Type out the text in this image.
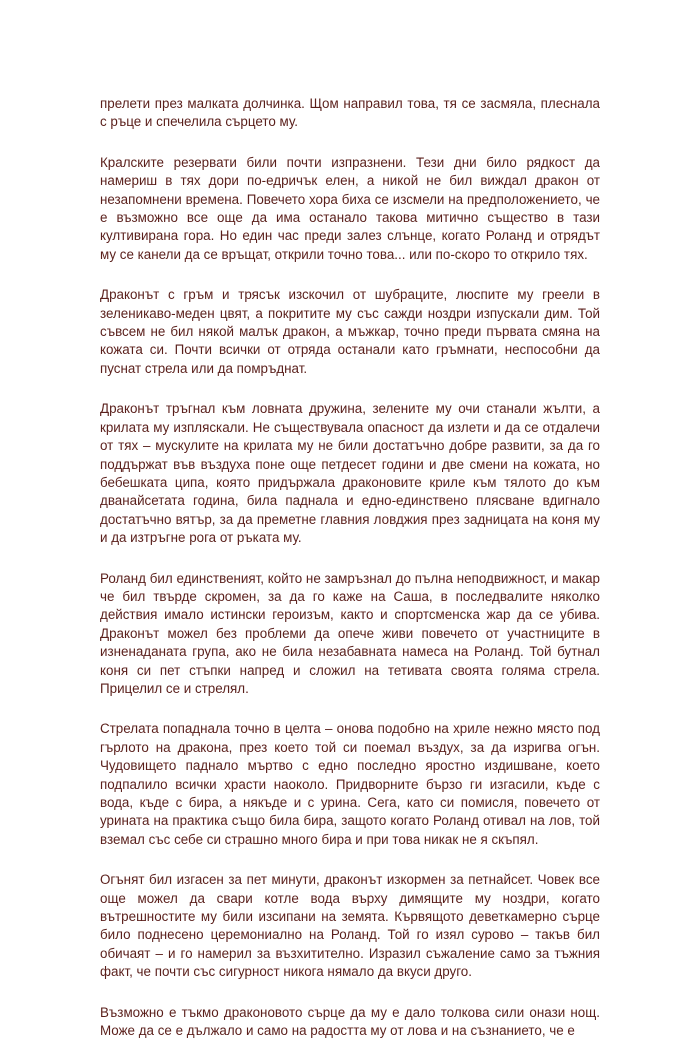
прелети през малката долчинка. Щом направил това, тя се засмяла, плеснала с ръце и спечелила сърцето му.

Кралските резервати били почти изпразнени. Тези дни било рядкост да намериш в тях дори по-едричък елен, а никой не бил виждал дракон от незапомнени времена. Повечето хора биха се изсмели на предположението, че е възможно все още да има останало такова митично същество в тази култивирана гора. Но един час преди залез слънце, когато Роланд и отрядът му се канели да се връщат, открили точно това... или по-скоро то открило тях.

Драконът с гръм и трясък изскочил от шубраците, люспите му греели в зеленикаво-меден цвят, а покритите му със сажди ноздри изпускали дим. Той съвсем не бил някой малък дракон, а мъжкар, точно преди първата смяна на кожата си. Почти всички от отряда останали като гръмнати, неспособни да пуснат стрела или да помръднат.

Драконът тръгнал към ловната дружина, зелените му очи станали жълти, а крилата му изпляскали. Не съществувала опасност да излети и да се отдалечи от тях – мускулите на крилата му не били достатъчно добре развити, за да го поддържат във въздуха поне още петдесет години и две смени на кожата, но бебешката ципа, която придържала драконовите криле към тялото до към дванайсетата година, била паднала и едно-единствено плясване вдигнало достатъчно вятър, за да преметне главния ловджия през задницата на коня му и да изтръгне рога от ръката му.

Роланд бил единственият, който не замръзнал до пълна неподвижност, и макар че бил твърде скромен, за да го каже на Саша, в последвалите няколко действия имало истински героизъм, както и спортсменска жар да се убива. Драконът можел без проблеми да опече живи повечето от участниците в изненаданата група, ако не била незабавната намеса на Роланд. Той бутнал коня си пет стъпки напред и сложил на тетивата своята голяма стрела. Прицелил се и стрелял.

Стрелата попаднала точно в целта – онова подобно на хриле нежно място под гърлото на дракона, през което той си поемал въздух, за да изригва огън. Чудовището паднало мъртво с едно последно яростно издишване, което подпалило всички храсти наоколо. Придворните бързо ги изгасили, къде с вода, къде с бира, а някъде и с урина. Сега, като си помисля, повечето от урината на практика също била бира, защото когато Роланд отивал на лов, той вземал със себе си страшно много бира и при това никак не я скъпял.

Огънят бил изгасен за пет минути, драконът изкормен за петнайсет. Човек все още можел да свари котле вода върху димящите му ноздри, когато вътрешностите му били изсипани на земята. Кървящото деветкамерно сърце било поднесено церемониално на Роланд. Той го изял сурово – такъв бил обичаят – и го намерил за възхитително. Изразил съжаление само за тъжния факт, че почти със сигурност никога нямало да вкуси друго.

Възможно е тъкмо драконовото сърце да му е дало толкова сили онази нощ. Може да се е дължало и само на радостта му от лова и на съзнанието, че е
